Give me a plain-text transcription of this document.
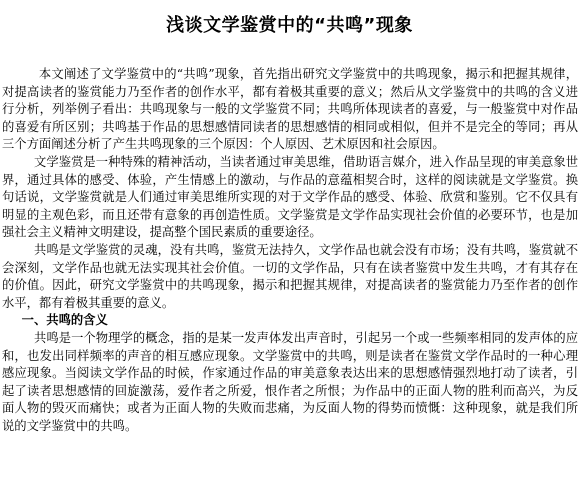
浅谈文学鉴赏中的“共鸣”现象

本文阐述了文学鉴赏中的“共鸣”现象，首先指出研究文学鉴赏中的共鸣现象，揭示和把握其规律，对提高读者的鉴赏能力乃至作者的创作水平，都有着极其重要的意义；然后从文学鉴赏中的共鸣的含义进行分析，列举例子看出：共鸣现象与一般的文学鉴赏不同；共鸣所体现读者的喜爱，与一般鉴赏中对作品的喜爱有所区别；共鸣基于作品的思想感情同读者的思想感情的相同或相似，但并不是完全的等同；再从三个方面阐述分析了产生共鸣现象的三个原因：个人原因、艺术原因和社会原因。

文学鉴赏是一种特殊的精神活动，当读者通过审美思维，借助语言媒介，进入作品呈现的审美意象世界，通过具体的感受、体验，产生情感上的激动，与作品的意蕴相契合时，这样的阅读就是文学鉴赏。换句话说，文学鉴赏就是人们通过审美思维所实现的对于文学作品的感受、体验、欣赏和鉴别。它不仅具有明显的主观色彩，而且还带有意象的再创造性质。文学鉴赏是文学作品实现社会价值的必要环节，也是加强社会主义精神文明建设，提高整个国民素质的重要途径。

共鸣是文学鉴赏的灵魂，没有共鸣，鉴赏无法持久，文学作品也就会没有市场；没有共鸣，鉴赏就不会深刻，文学作品也就无法实现其社会价值。一切的文学作品，只有在读者鉴赏中发生共鸣，才有其存在的价值。因此，研究文学鉴赏中的共鸣现象，揭示和把握其规律，对提高读者的鉴赏能力乃至作者的创作水平，都有着极其重要的意义。

一、共鸣的含义

共鸣是一个物理学的概念，指的是某一发声体发出声音时，引起另一个或一些频率相同的发声体的应和，也发出同样频率的声音的相互感应现象。文学鉴赏中的共鸣，则是读者在鉴赏文学作品时的一种心理感应现象。当阅读文学作品的时候，作家通过作品的审美意象表达出来的思想感情强烈地打动了读者，引起了读者思想感情的回旋激荡，爱作者之所爱，恨作者之所恨；为作品中的正面人物的胜利而高兴，为反面人物的毁灭而痛快；或者为正面人物的失败而悲痛，为反面人物的得势而愤慨：这种现象，就是我们所说的文学鉴赏中的共鸣。
